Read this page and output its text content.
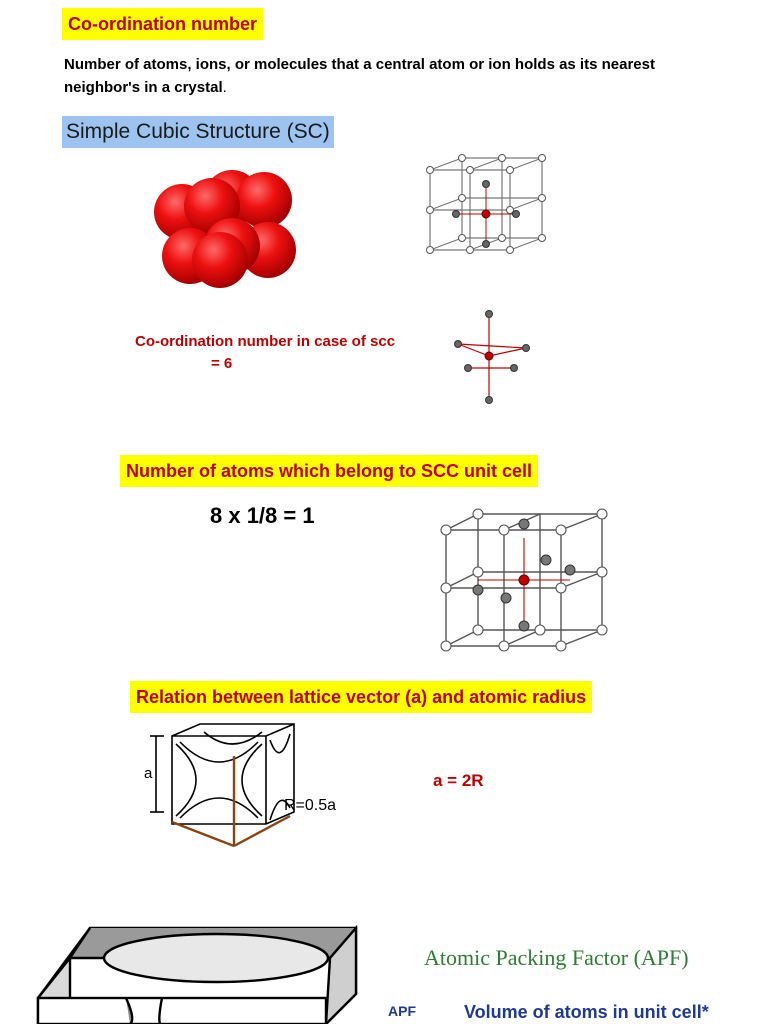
Co-ordination number
Number of atoms, ions, or molecules that a central atom or ion holds as its nearest
neighbor's in a crystal.
Simple Cubic Structure (SC)
Co-ordination number in case of scc
= 6
Number of atoms which belong to SCC unit cell
8 x 1/8 = 1
Relation between lattice vector (a) and atomic radius
a
R=0.5a
a = 2R
Atomic Packing Factor (APF)
APF	Volume of atoms in unit cell*
